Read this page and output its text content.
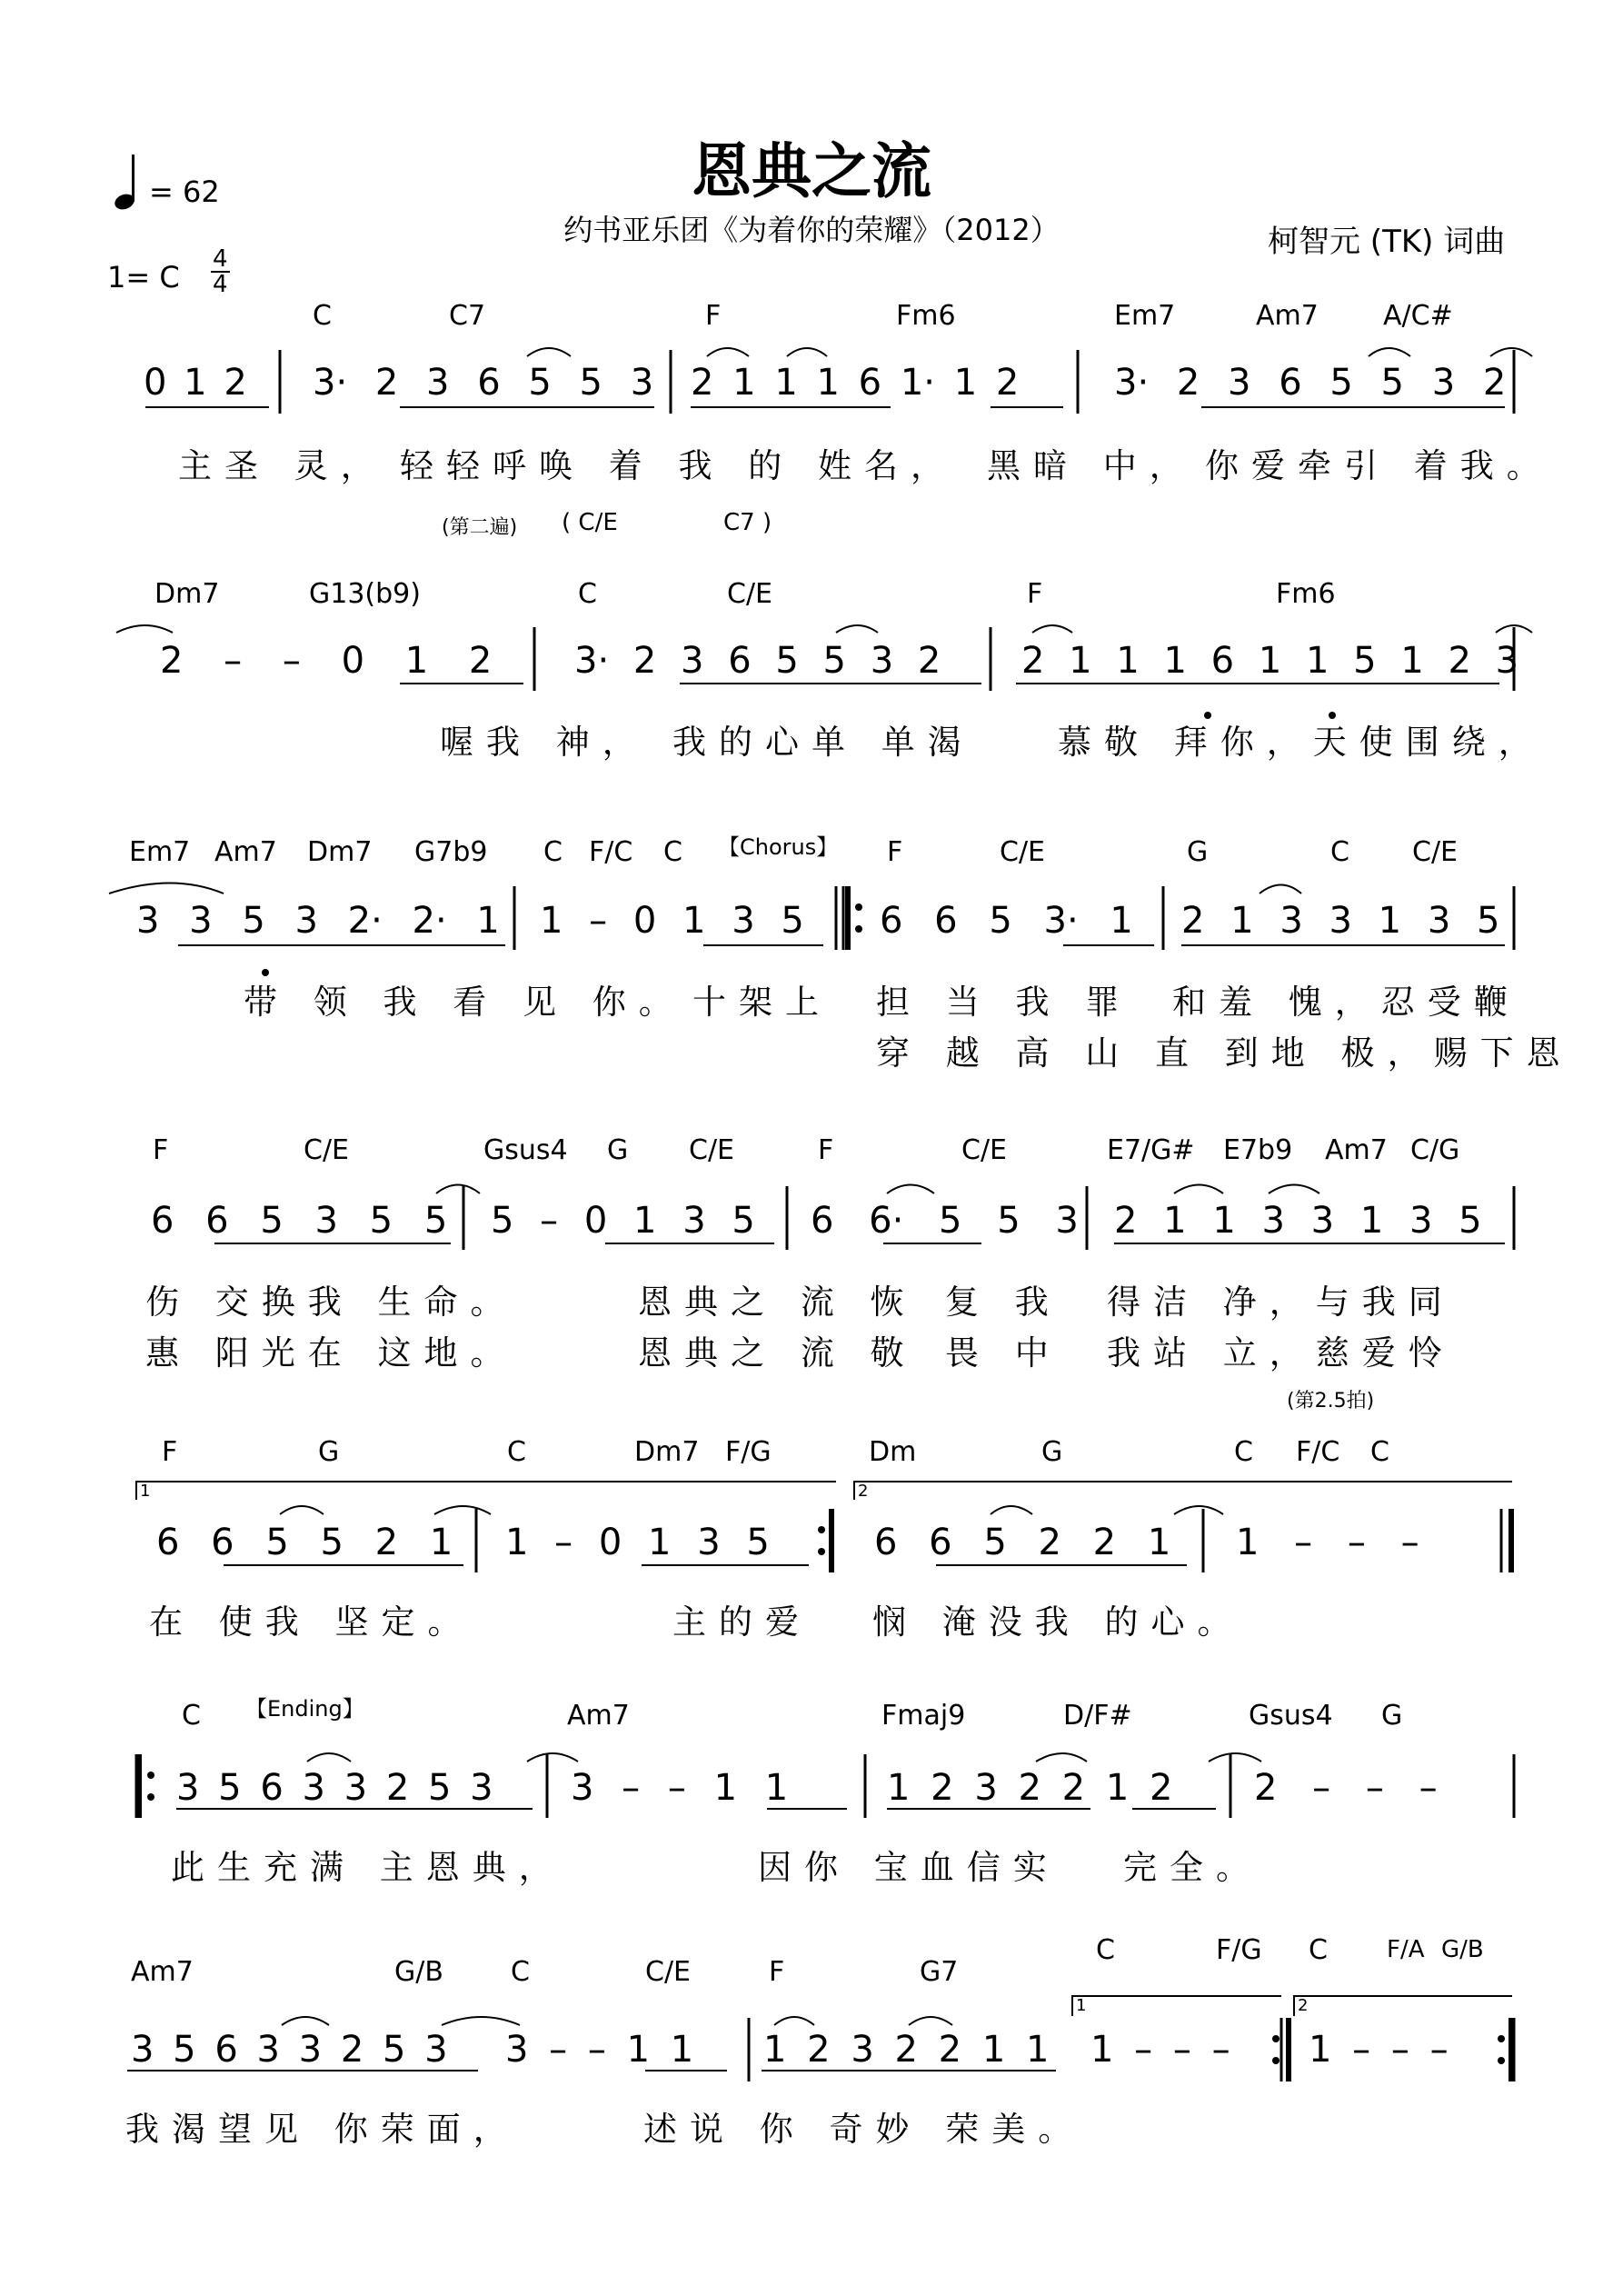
恩典之流
约书亚乐团《为着你的荣耀》（2012）	柯智元 (TK) 词曲
= 62
1= C
4
4
C	C7	F	Fm6	Em7	Am7 A/C#
0 1 2 3· 2 3 6 5 5 3 2 1 1 1 6 1· 1 2	3· 2 3 6 5 5 3 2
主圣 灵， 轻轻呼唤 着 我 的 姓名， 黑暗 中， 你爱牵引 着我。
(第二遍) ( C/E	C7 )
Dm7	G13(b9)	C	C/E	F	Fm6
2 – – 0 1 2 3· 2 3 6 5 5 3 2 2 1 1 1 6 1 1 5 1 2 3
喔我 神， 我的心单 单渴 慕敬 拜你，天使围绕，
Em7 Am7 Dm7 G7b9 C F/C C 【Chorus】 F	C/E	G	C C/E
3 3 5 3 2· 2· 1 1 – 0 1 3 5 6 6 5 3· 1 2 1 3 3 1 3 5
带 领 我 看 见 你。 十架上 担 当 我 罪 和羞 愧，忍受鞭
穿 越 高 山 直 到地 极，赐下恩
F	C/E	Gsus4 G C/E	F	C/E	E7/G# E7b9 Am7 C/G
6 6 5 3 5 5 5 – 0 1 3 5 6 6· 5 5 3 2 1 1 3 3 1 3 5
伤 交换我 生命。	恩典之 流 恢 复 我 得洁 净，与我同
惠 阳光在 这地。	恩典之 流 敬 畏 中 我站 立，慈爱怜
(第2.5拍)
F	G	C	Dm7 F/G	Dm	G	C F/C C
1	2
6 6 5 5 2 1 1 – 0 1 3 5	6 6 5 2 2 1 1 – – –
在 使我 坚定。	主的爱 悯 淹没我 的心。
C 【Ending】	Am7	Fmaj9	D/F#	Gsus4 G
3 5 6 3 3 2 5 3 3 – – 1 1	1 2 3 2 2 1 2 2 – – –
此生充满 主恩典，	因你 宝血信实 完全。
Am7	G/B C	C/E	F	G7
C	F/G C	F/A G/B
1	2
3 5 6 3 3 2 5 3 3 – – 1 1 1 2 3 2 2 1 1 1 – – – 1 – – –
我渴望见 你荣面，	述说 你 奇妙 荣美。
